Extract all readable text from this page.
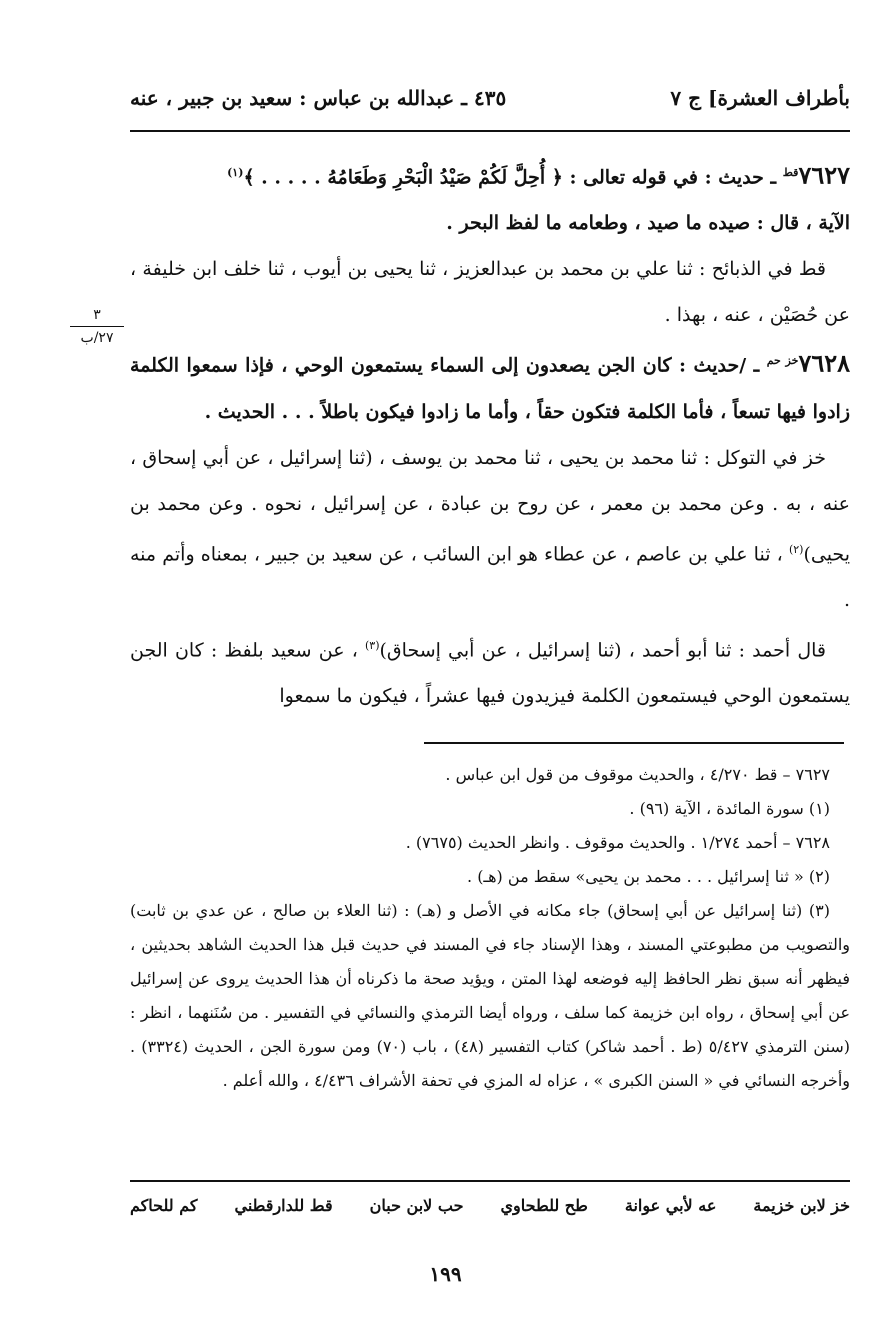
بأطراف العشرة] ج ٧
٤٣٥ ـ عبدالله بن عباس : سعيد بن جبير ، عنه
٣
٢٧/ب

٧٦٢٧$^{قط}$ ـ حديث : في قوله تعالى : ﴿ أُحِلَّ لَكُمْ صَيْدُ الْبَحْرِ وَطَعَامُهُ . . . . . ﴾$^{(١)}$
الآية ، قال : صيده ما صيد ، وطعامه ما لفظ البحر .

قط في الذبائح : ثنا علي بن محمد بن عبدالعزيز ، ثنا يحيى بن أيوب ، ثنا خلف ابن خليفة ، عن حُصَيْن ، عنه ، بهذا .

٧٦٢٨$^{خز حم}$ ـ /حديث : كان الجن يصعدون إلى السماء يستمعون الوحي ، فإذا سمعوا الكلمة زادوا فيها تسعاً ، فأما الكلمة فتكون حقاً ، وأما ما زادوا فيكون باطلاً . . . الحديث .

خز في التوكل : ثنا محمد بن يحيى ، ثنا محمد بن يوسف ، (ثنا إسرائيل ، عن أبي إسحاق ، عنه ، به . وعن محمد بن معمر ، عن روح بن عبادة ، عن إسرائيل ، نحوه . وعن محمد بن يحيى)$^{(٢)}$ ، ثنا علي بن عاصم ، عن عطاء هو ابن السائب ، عن سعيد بن جبير ، بمعناه وأتم منه .

قال أحمد : ثنا أبو أحمد ، (ثنا إسرائيل ، عن أبي إسحاق)$^{(٣)}$ ، عن سعيد بلفظ : كان الجن يستمعون الوحي فيستمعون الكلمة فيزيدون فيها عشراً ، فيكون ما سمعوا

٧٦٢٧ – قط ٤/٢٧٠ ، والحديث موقوف من قول ابن عباس .

(١) سورة المائدة ، الآية (٩٦) .

٧٦٢٨ – أحمد ١/٢٧٤ . والحديث موقوف . وانظر الحديث (٧٦٧٥) .

(٢) « ثنا إسرائيل . . . محمد بن يحيى» سقط من (هـ) .

(٣) (ثنا إسرائيل عن أبي إسحاق) جاء مكانه في الأصل و (هـ) : (ثنا العلاء بن صالح ، عن عدي بن ثابت) والتصويب من مطبوعتي المسند ، وهذا الإسناد جاء في المسند في حديث قبل هذا الحديث الشاهد بحديثين ، فيظهر أنه سبق نظر الحافظ إليه فوضعه لهذا المتن ، ويؤيد صحة ما ذكرناه أن هذا الحديث يروى عن إسرائيل عن أبي إسحاق ، رواه ابن خزيمة كما سلف ، ورواه أيضا الترمذي والنسائي في التفسير . من سُنَنهما ، انظر : (سنن الترمذي ٥/٤٢٧ (ط . أحمد شاكر) كتاب التفسير (٤٨) ، باب (٧٠) ومن سورة الجن ، الحديث (٣٣٢٤) . وأخرجه النسائي في « السنن الكبرى » ، عزاه له المزي في تحفة الأشراف ٤/٤٣٦ ، والله أعلم .

خز لابن خزيمة
عه لأبي عوانة
طح للطحاوي
حب لابن حبان
قط للدارقطني
كم للحاكم
١٩٩
